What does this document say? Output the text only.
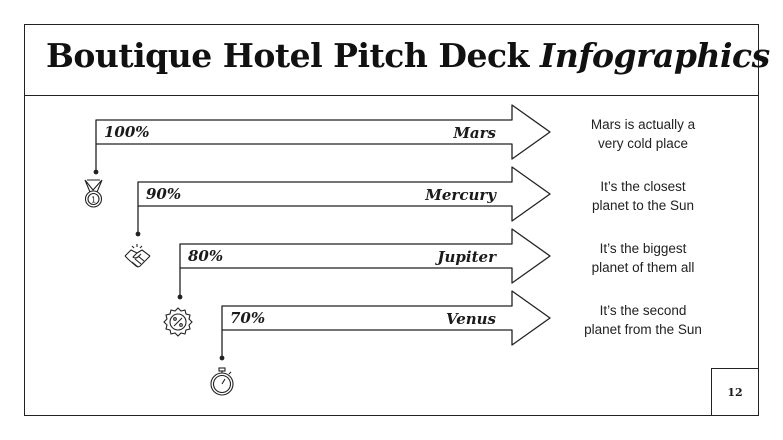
Boutique Hotel Pitch Deck Infographics
100%	Mars
90%	Mercury
80%	Jupiter
70%	Venus
1
Mars is actually a
very cold place
It’s the closest
planet to the Sun
It’s the biggest
planet of them all
It’s the second
planet from the Sun
12
